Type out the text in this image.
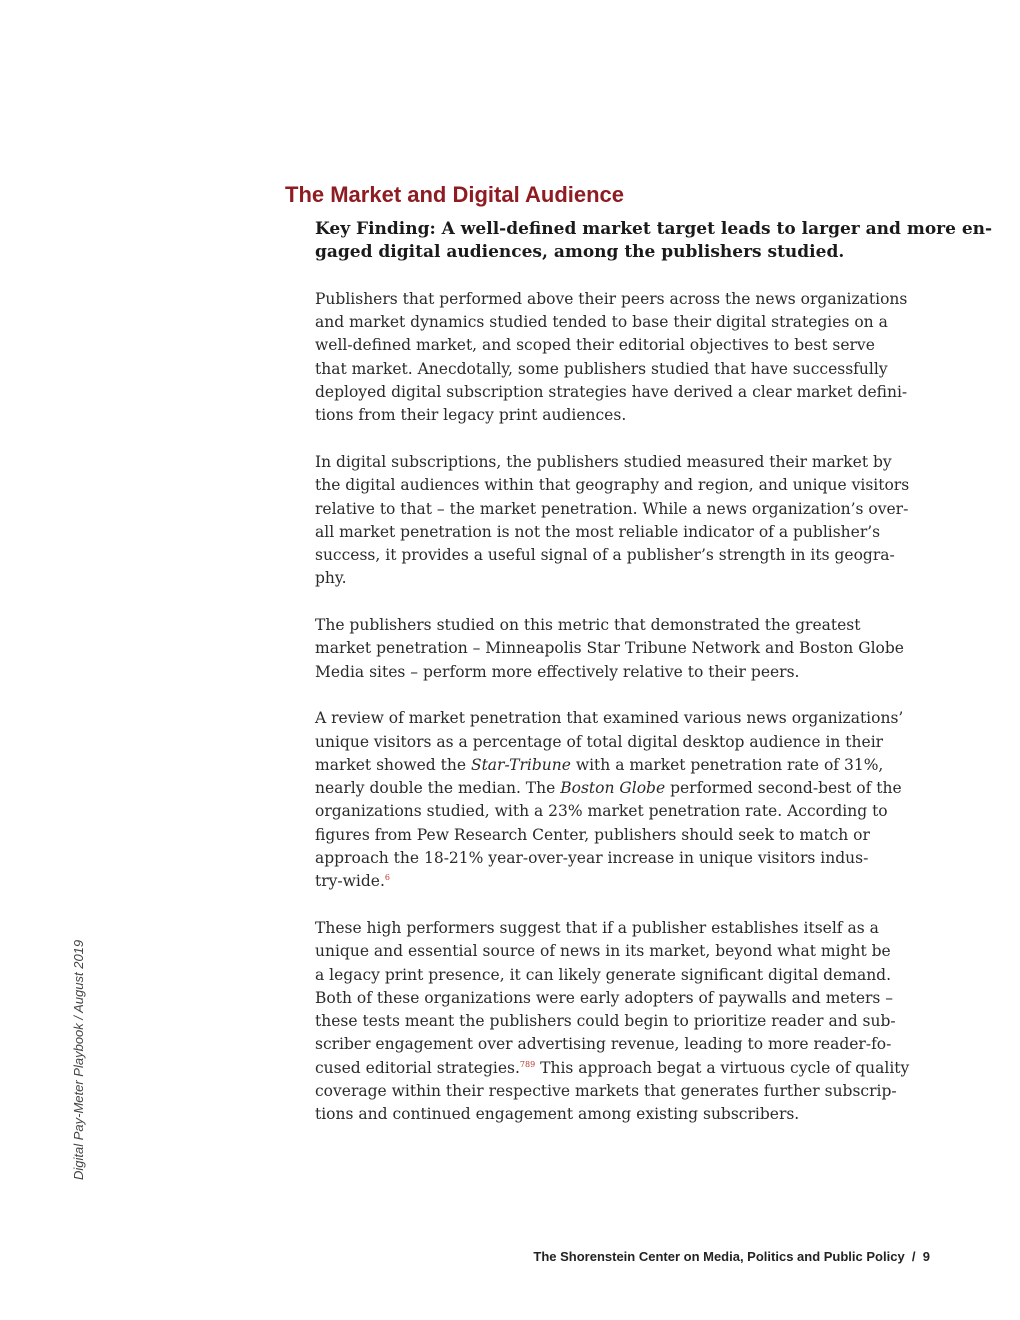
The Market and Digital Audience

Key Finding: A well-defined market target leads to larger and more en-
gaged digital audiences, among the publishers studied.

Publishers that performed above their peers across the news organizations
and market dynamics studied tended to base their digital strategies on a
well-defined market, and scoped their editorial objectives to best serve
that market. Anecdotally, some publishers studied that have successfully
deployed digital subscription strategies have derived a clear market defini-
tions from their legacy print audiences.

In digital subscriptions, the publishers studied measured their market by
the digital audiences within that geography and region, and unique visitors
relative to that – the market penetration. While a news organization’s over-
all market penetration is not the most reliable indicator of a publisher’s
success, it provides a useful signal of a publisher’s strength in its geogra-
phy.

The publishers studied on this metric that demonstrated the greatest
market penetration – Minneapolis Star Tribune Network and Boston Globe
Media sites – perform more effectively relative to their peers.

A review of market penetration that examined various news organizations’
unique visitors as a percentage of total digital desktop audience in their
market showed the Star-Tribune with a market penetration rate of 31%,
nearly double the median. The Boston Globe performed second-best of the
organizations studied, with a 23% market penetration rate. According to
figures from Pew Research Center, publishers should seek to match or
approach the 18-21% year-over-year increase in unique visitors indus-
try-wide.$^6$

These high performers suggest that if a publisher establishes itself as a
unique and essential source of news in its market, beyond what might be
a legacy print presence, it can likely generate significant digital demand.
Both of these organizations were early adopters of paywalls and meters –
these tests meant the publishers could begin to prioritize reader and sub-
scriber engagement over advertising revenue, leading to more reader-fo-
cused editorial strategies.$^{789}$ This approach begat a virtuous cycle of quality
coverage within their respective markets that generates further subscrip-
tions and continued engagement among existing subscribers.

Digital Pay-Meter Playbook / August 2019
The Shorenstein Center on Media, Politics and Public Policy / 9
